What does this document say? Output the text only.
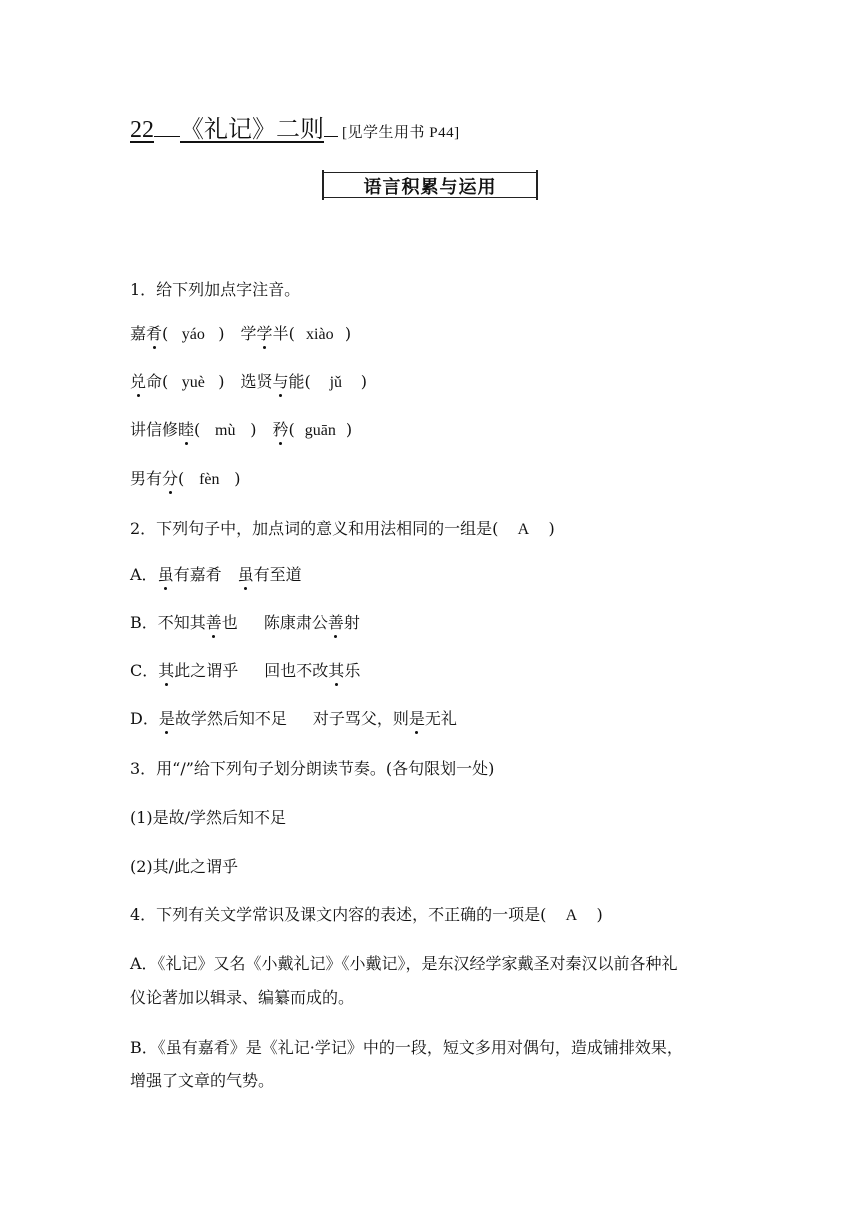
22 《礼记》二则 [见学生用书 P44]
语言积累与运用
1．给下列加点字注音。
嘉肴( yáo ) 学学半( xiào )
兑命( yuè ) 选贤与能( jǔ )
讲信修睦( mù ) 矜( guān )
男有分( fèn )
2．下列句子中，加点词的意义和用法相同的一组是( A )
A．虽有嘉肴 虽有至道
B．不知其善也 陈康肃公善射
C．其此之谓乎 回也不改其乐
D．是故学然后知不足 对子骂父，则是无礼
3．用“/”给下列句子划分朗读节奏。(各句限划一处)
(1)是故/学然后知不足
(2)其/此之谓乎
4．下列有关文学常识及课文内容的表述，不正确的一项是( A )
A．《礼记》又名《小戴礼记》《小戴记》，是东汉经学家戴圣对秦汉以前各种礼
仪论著加以辑录、编纂而成的。
B．《虽有嘉肴》是《礼记·学记》中的一段，短文多用对偶句，造成铺排效果，
增强了文章的气势。
